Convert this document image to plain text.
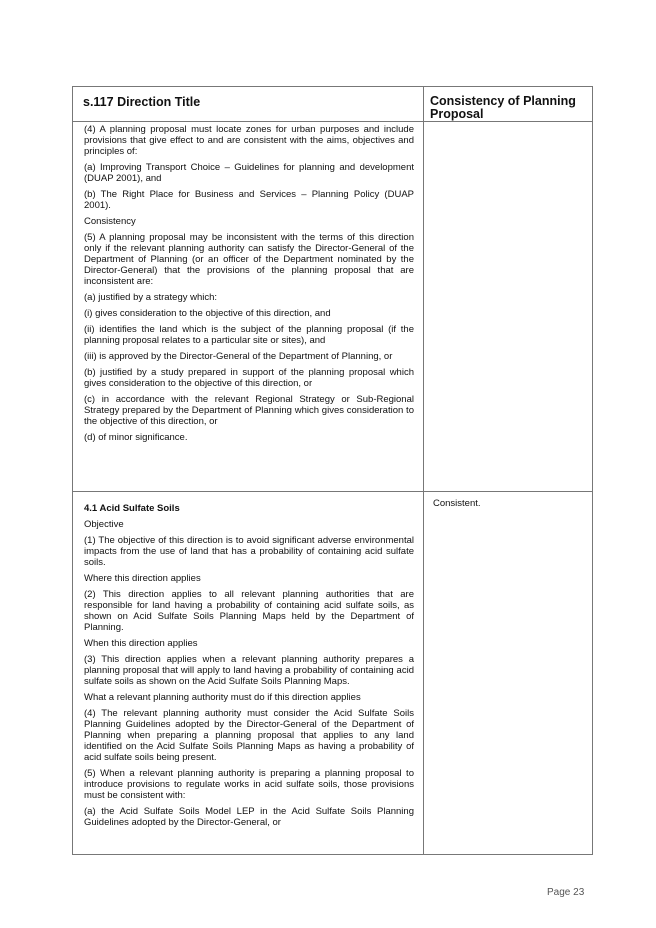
s.117 Direction Title	Consistency of Planning Proposal

(4) A planning proposal must locate zones for urban purposes and include provisions that give effect to and are consistent with the aims, objectives and principles of:

(a) Improving Transport Choice – Guidelines for planning and development (DUAP 2001), and

(b) The Right Place for Business and Services – Planning Policy (DUAP 2001).

Consistency

(5) A planning proposal may be inconsistent with the terms of this direction only if the relevant planning authority can satisfy the Director-General of the Department of Planning (or an officer of the Department nominated by the Director-General) that the provisions of the planning proposal that are inconsistent are:

(a) justified by a strategy which:

(i) gives consideration to the objective of this direction, and

(ii) identifies the land which is the subject of the planning proposal (if the planning proposal relates to a particular site or sites), and

(iii) is approved by the Director-General of the Department of Planning, or

(b) justified by a study prepared in support of the planning proposal which gives consideration to the objective of this direction, or

(c) in accordance with the relevant Regional Strategy or Sub-Regional Strategy prepared by the Department of Planning which gives consideration to the objective of this direction, or

(d) of minor significance.

4.1 Acid Sulfate Soils

Objective

(1) The objective of this direction is to avoid significant adverse environmental impacts from the use of land that has a probability of containing acid sulfate soils.

Where this direction applies

(2) This direction applies to all relevant planning authorities that are responsible for land having a probability of containing acid sulfate soils, as shown on Acid Sulfate Soils Planning Maps held by the Department of Planning.

When this direction applies

(3) This direction applies when a relevant planning authority prepares a planning proposal that will apply to land having a probability of containing acid sulfate soils as shown on the Acid Sulfate Soils Planning Maps.

What a relevant planning authority must do if this direction applies

(4) The relevant planning authority must consider the Acid Sulfate Soils Planning Guidelines adopted by the Director-General of the Department of Planning when preparing a planning proposal that applies to any land identified on the Acid Sulfate Soils Planning Maps as having a probability of acid sulfate soils being present.

(5) When a relevant planning authority is preparing a planning proposal to introduce provisions to regulate works in acid sulfate soils, those provisions must be consistent with:

(a) the Acid Sulfate Soils Model LEP in the Acid Sulfate Soils Planning Guidelines adopted by the Director-General, or

Consistent.
Page 23
